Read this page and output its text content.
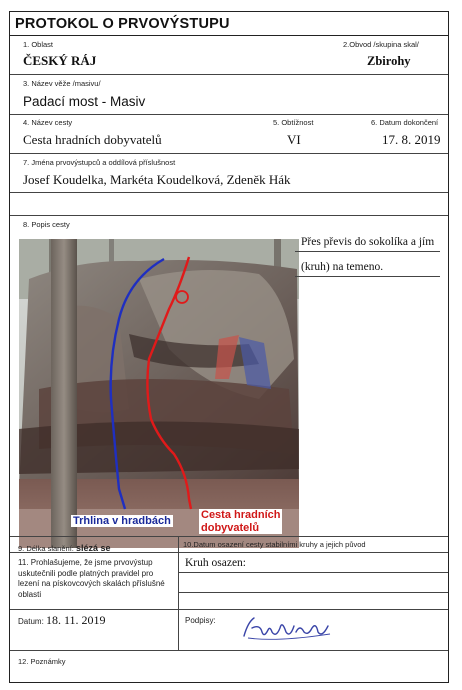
PROTOKOL O PRVOVÝSTUPU
1. Oblast
ČESKÝ RÁJ
2.Obvod /skupina skal/
Zbirohy
3. Název věže /masivu/
Padací most - Masiv
4. Název cesty
Cesta hradních dobyvatelů
5. Obtížnost
VI
6. Datum dokončení
17. 8. 2019
7. Jména prvovýstupců a oddílová příslušnost
Josef Koudelka, Markéta Koudelková, Zdeněk Hák
8. Popis cesty
Trhlina v hradbách	Cesta hradních
dobyvatelů
Přes převis do sokolíka a jím
(kruh) na temeno.
9. Délka slanění: slézá se	10.Datum osazení cesty stabilními kruhy a jejich původ
11. Prohlašujeme, že jsme prvovýstup
uskutečnili podle platných pravidel pro
lezení na pískovcových skalách příslušné
oblasti
Kruh osazen:
Datum: 18. 11. 2019	Podpisy:
12. Poznámky
